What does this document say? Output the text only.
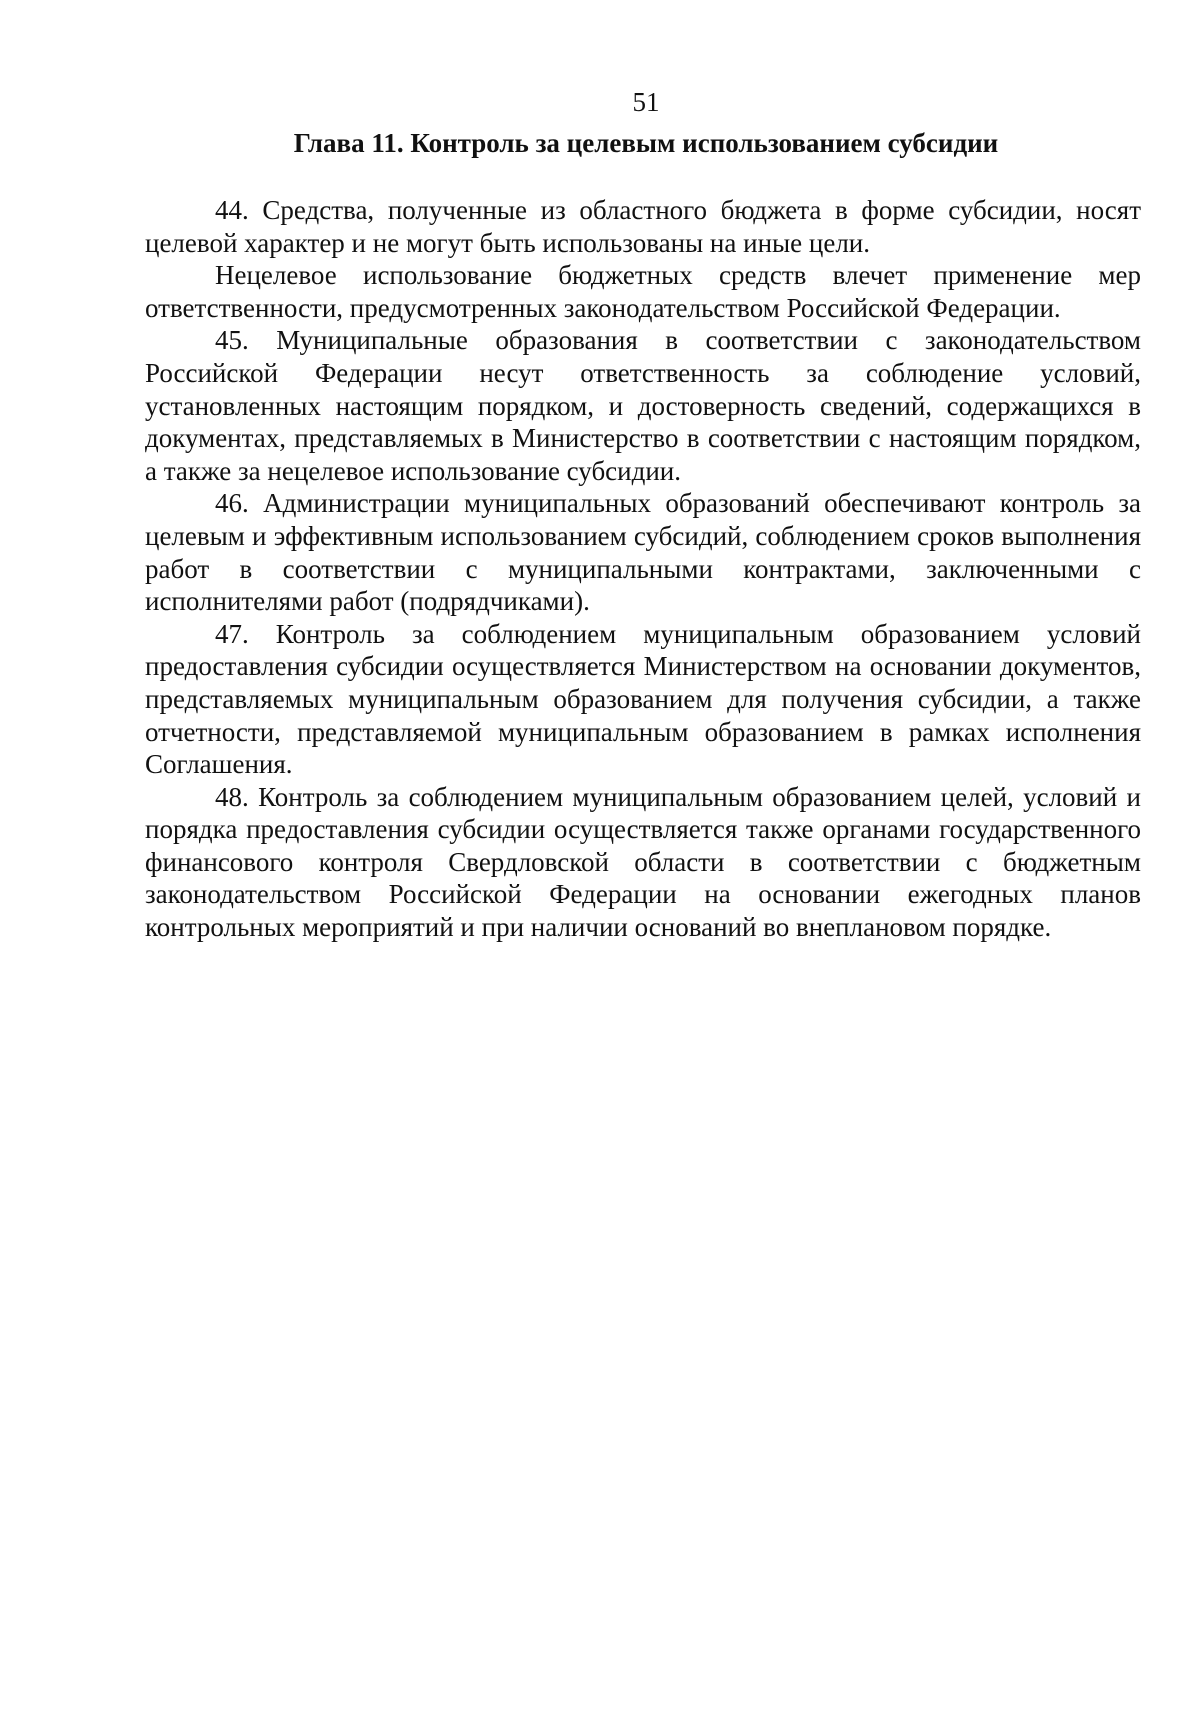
51

Глава 11. Контроль за целевым использованием субсидии

44. Средства, полученные из областного бюджета в форме субсидии, носят целевой характер и не могут быть использованы на иные цели.

Нецелевое использование бюджетных средств влечет применение мер ответственности, предусмотренных законодательством Российской Федерации.

45. Муниципальные образования в соответствии с законодательством Российской Федерации несут ответственность за соблюдение условий, установленных настоящим порядком, и достоверность сведений, содержащихся в документах, представляемых в Министерство в соответствии с настоящим порядком, а также за нецелевое использование субсидии.

46. Администрации муниципальных образований обеспечивают контроль за целевым и эффективным использованием субсидий, соблюдением сроков выполнения работ в соответствии с муниципальными контрактами, заключенными с исполнителями работ (подрядчиками).

47. Контроль за соблюдением муниципальным образованием условий предоставления субсидии осуществляется Министерством на основании документов, представляемых муниципальным образованием для получения субсидии, а также отчетности, представляемой муниципальным образованием в рамках исполнения Соглашения.

48. Контроль за соблюдением муниципальным образованием целей, условий и порядка предоставления субсидии осуществляется также органами государственного финансового контроля Свердловской области в соответствии с бюджетным законодательством Российской Федерации на основании ежегодных планов контрольных мероприятий и при наличии оснований во внеплановом порядке.
